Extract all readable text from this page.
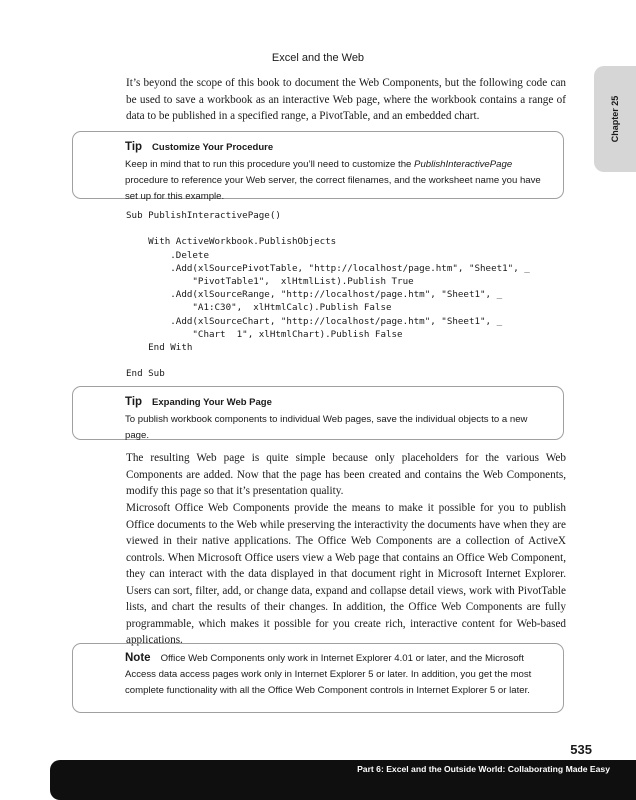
Excel and the Web
Chapter 25

It’s beyond the scope of this book to document the Web Components, but the following code can be used to save a workbook as an interactive Web page, where the workbook contains a range of data to be published in a specified range, a PivotTable, and an embedded chart.

Tip Customize Your Procedure
Keep in mind that to run this procedure you’ll need to customize the PublishInteractivePage procedure to reference your Web server, the correct filenames, and the worksheet name you have set up for this example.
Sub PublishInteractivePage()

With ActiveWorkbook.PublishObjects
.Delete
.Add(xlSourcePivotTable, "http://localhost/page.htm", "Sheet1", _
"PivotTable1",  xlHtmlList).Publish True
.Add(xlSourceRange, "http://localhost/page.htm", "Sheet1", _
"A1:C30",  xlHtmlCalc).Publish False
.Add(xlSourceChart, "http://localhost/page.htm", "Sheet1", _
"Chart  1", xlHtmlChart).Publish False
End With

End Sub
Tip Expanding Your Web Page
To publish workbook components to individual Web pages, save the individual objects to a new page.

The resulting Web page is quite simple because only placeholders for the various Web Components are added. Now that the page has been created and contains the Web Components, modify this page so that it’s presentation quality.

Microsoft Office Web Components provide the means to make it possible for you to publish Office documents to the Web while preserving the interactivity the documents have when they are viewed in their native applications. The Office Web Components are a collection of ActiveX controls. When Microsoft Office users view a Web page that contains an Office Web Component, they can interact with the data displayed in that document right in Microsoft Internet Explorer. Users can sort, filter, add, or change data, expand and collapse detail views, work with PivotTable lists, and chart the results of their changes. In addition, the Office Web Components are fully programmable, which makes it possible for you create rich, interactive content for Web-based applications.

Note Office Web Components only work in Internet Explorer 4.01 or later, and the Microsoft Access data access pages work only in Internet Explorer 5 or later. In addition, you get the most complete functionality with all the Office Web Component controls in Internet Explorer 5 or later.
535
Part 6: Excel and the Outside World: Collaborating Made Easy
